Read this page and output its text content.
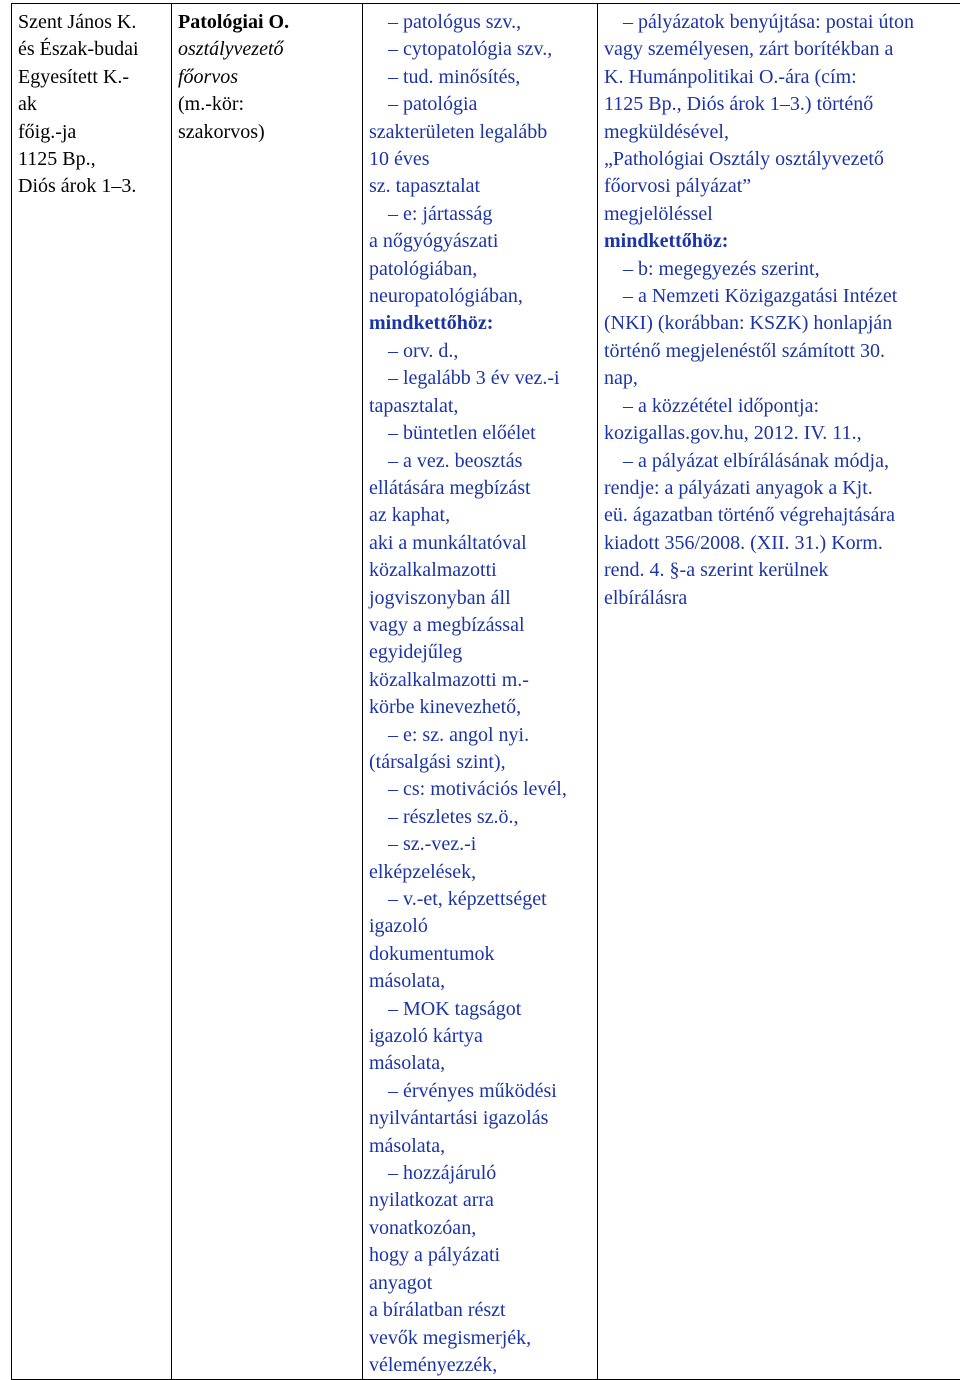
Szent János K.
és Észak-budai
Egyesített K.-
ak
főig.-ja
1125 Bp.,
Diós árok 1–3.

Patológiai O.
osztályvezető
főorvos
(m.-kör:
szakorvos)

– patológus szv.,
– cytopatológia szv.,
– tud. minősítés,
– patológia
szakterületen legalább
10 éves
sz. tapasztalat
– e: jártasság
a nőgyógyászati
patológiában,
neuropatológiában,
mindkettőhöz:
– orv. d.,
– legalább 3 év vez.-i
tapasztalat,
– büntetlen előélet
– a vez. beosztás
ellátására megbízást
az kaphat,
aki a munkáltatóval
közalkalmazotti
jogviszonyban áll
vagy a megbízással
egyidejűleg
közalkalmazotti m.-
körbe kinevezhető,
– e: sz. angol nyi.
(társalgási szint),
– cs: motivációs levél,
– részletes sz.ö.,
– sz.-vez.-i
elképzelések,
– v.-et, képzettséget
igazoló
dokumentumok
másolata,
– MOK tagságot
igazoló kártya
másolata,
– érvényes működési
nyilvántartási igazolás
másolata,
– hozzájáruló
nyilatkozat arra
vonatkozóan,
hogy a pályázati
anyagot
a bírálatban részt
vevők megismerjék,
véleményezzék,

– pályázatok benyújtása: postai úton
vagy személyesen, zárt borítékban a
K. Humánpolitikai O.-ára (cím:
1125 Bp., Diós árok 1–3.) történő
megküldésével,
„Pathológiai Osztály osztályvezető
főorvosi pályázat”
megjelöléssel
mindkettőhöz:
– b: megegyezés szerint,
– a Nemzeti Közigazgatási Intézet
(NKI) (korábban: KSZK) honlapján
történő megjelenéstől számított 30.
nap,
– a közzététel időpontja:
kozigallas.gov.hu, 2012. IV. 11.,
– a pályázat elbírálásának módja,
rendje: a pályázati anyagok a Kjt.
eü. ágazatban történő végrehajtására
kiadott 356/2008. (XII. 31.) Korm.
rend. 4. §-a szerint kerülnek
elbírálásra
